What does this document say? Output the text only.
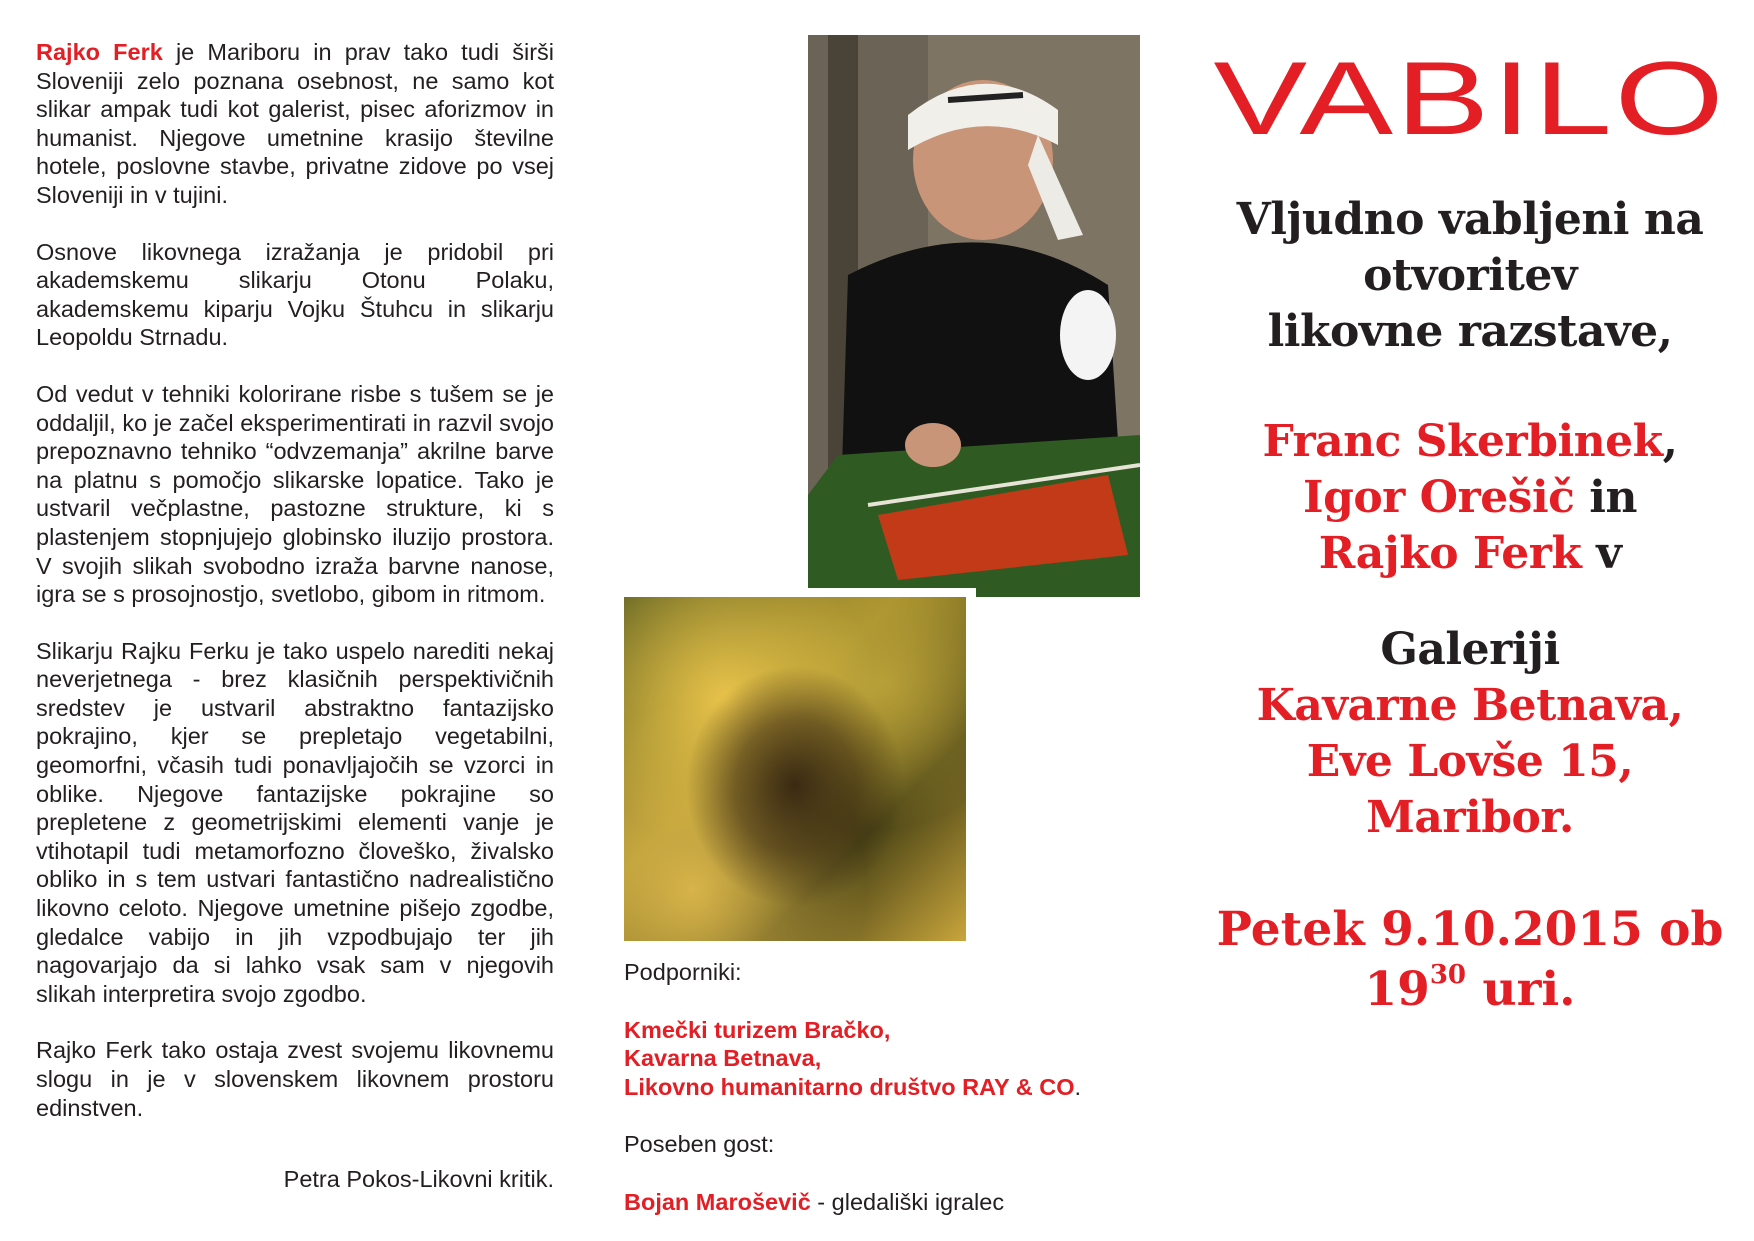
Rajko Ferk je Mariboru in prav tako tudi širši Sloveniji zelo poznana osebnost, ne samo kot slikar ampak tudi kot galerist, pisec aforizmov in humanist. Njegove umetnine krasijo številne hotele, poslovne stavbe, privatne zidove po vsej Sloveniji in v tujini.

Osnove likovnega izražanja je pridobil pri akademskemu slikarju Otonu Polaku, akademskemu kiparju Vojku Štuhcu in slikarju Leopoldu Strnadu.

Od vedut v tehniki kolorirane risbe s tušem se je oddaljil, ko je začel eksperimentirati in razvil svojo prepoznavno tehniko “odvzemanja” akrilne barve na platnu s pomočjo slikarske lopatice. Tako je ustvaril večplastne, pastozne strukture, ki s plastenjem stopnjujejo globinsko iluzijo prostora. V svojih slikah svobodno izraža barvne nanose, igra se s prosojnostjo, svetlobo, gibom in ritmom.

Slikarju Rajku Ferku je tako uspelo narediti nekaj neverjetnega - brez klasičnih perspektivičnih sredstev je ustvaril abstraktno fantazijsko pokrajino, kjer se prepletajo vegetabilni, geomorfni, včasih tudi ponavljajočih se vzorci in oblike. Njegove fantazijske pokrajine so prepletene z geometrijskimi elementi vanje je vtihotapil tudi metamorfozno človeško, živalsko obliko in s tem ustvari fantastično nadrealistično likovno celoto. Njegove umetnine pišejo zgodbe, gledalce vabijo in jih vzpodbujajo ter jih nagovarjajo da si lahko vsak sam v njegovih slikah interpretira svojo zgodbo.

Rajko Ferk tako ostaja zvest svojemu likovnemu slogu in je v slovenskem likovnem prostoru edinstven.

Petra Pokos-Likovni kritik.
Podporniki:
Kmečki turizem Bračko,
Kavarna Betnava,
Likovno humanitarno društvo RAY & CO.
Poseben gost:
Bojan Maroševič - gledališki igralec
VABILO
Vljudno vabljeni na
otvoritev
likovne razstave,
Franc Skerbinek,
Igor Orešič in
Rajko Ferk v
Galeriji
Kavarne Betnava,
Eve Lovše 15,
Maribor.
Petek 9.10.2015 ob
$19^{30}$ uri.
